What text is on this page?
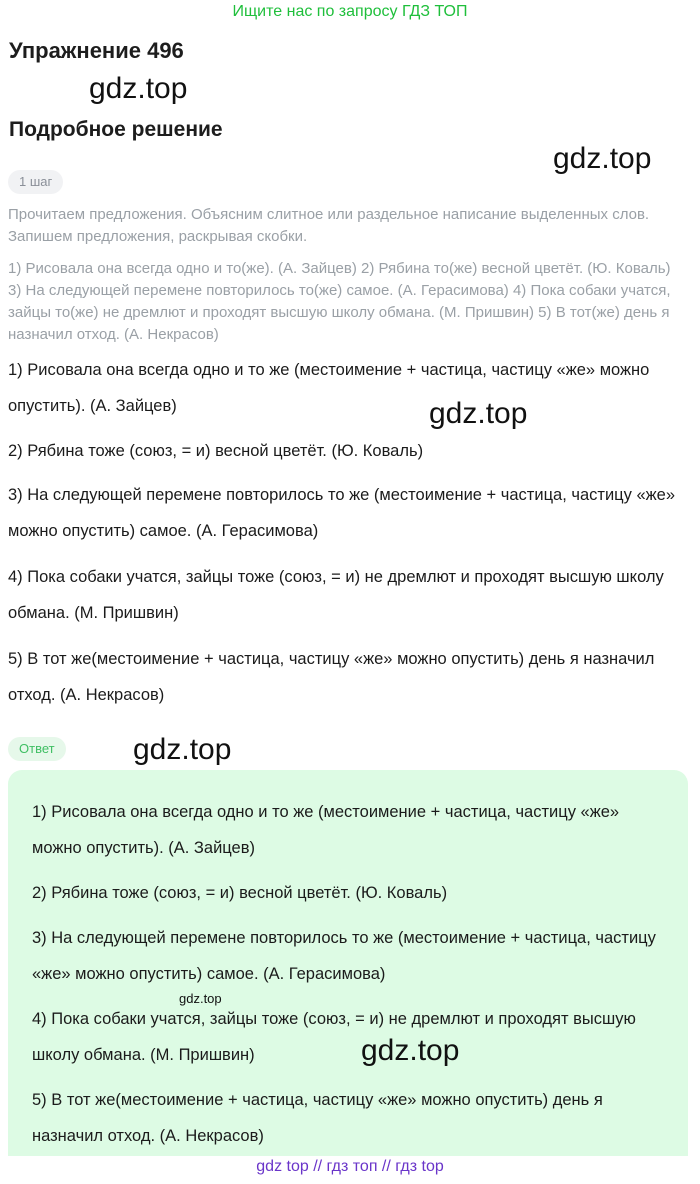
Ищите нас по запросу ГДЗ ТОП
Упражнение 496
gdz.top
Подробное решение
gdz.top
1 шаг
Прочитаем предложения. Объясним слитное или раздельное написание выделенных слов. Запишем предложения, раскрывая скобки.
1) Рисовала она всегда одно и то(же). (А. Зайцев) 2) Рябина то(же) весной цветёт. (Ю. Коваль) 3) На следующей перемене повторилось то(же) самое. (А. Герасимова) 4) Пока собаки учатся, зайцы то(же) не дремлют и проходят высшую школу обмана. (М. Пришвин) 5) В тот(же) день я назначил отход. (А. Некрасов)
1) Рисовала она всегда одно и то же (местоимение + частица, частицу «же» можно опустить). (А. Зайцев)	gdz.top
2) Рябина тоже (союз, = и) весной цветёт. (Ю. Коваль)
3) На следующей перемене повторилось то же (местоимение + частица, частицу «же» можно опустить) самое. (А. Герасимова)
4) Пока собаки учатся, зайцы тоже (союз, = и) не дремлют и проходят высшую школу обмана. (М. Пришвин)
5) В тот же(местоимение + частица, частицу «же» можно опустить) день я назначил отход. (А. Некрасов)
Ответ	gdz.top
1) Рисовала она всегда одно и то же (местоимение + частица, частицу «же» можно опустить). (А. Зайцев)
2) Рябина тоже (союз, = и) весной цветёт. (Ю. Коваль)
3) На следующей перемене повторилось то же (местоимение + частица, частицу «же» можно опустить) самое. (А. Герасимова)
gdz.top
4) Пока собаки учатся, зайцы тоже (союз, = и) не дремлют и проходят высшую школу обмана. (М. Пришвин)	gdz.top
5) В тот же(местоимение + частица, частицу «же» можно опустить) день я назначил отход. (А. Некрасов)
gdz top // гдз топ // гдз top
